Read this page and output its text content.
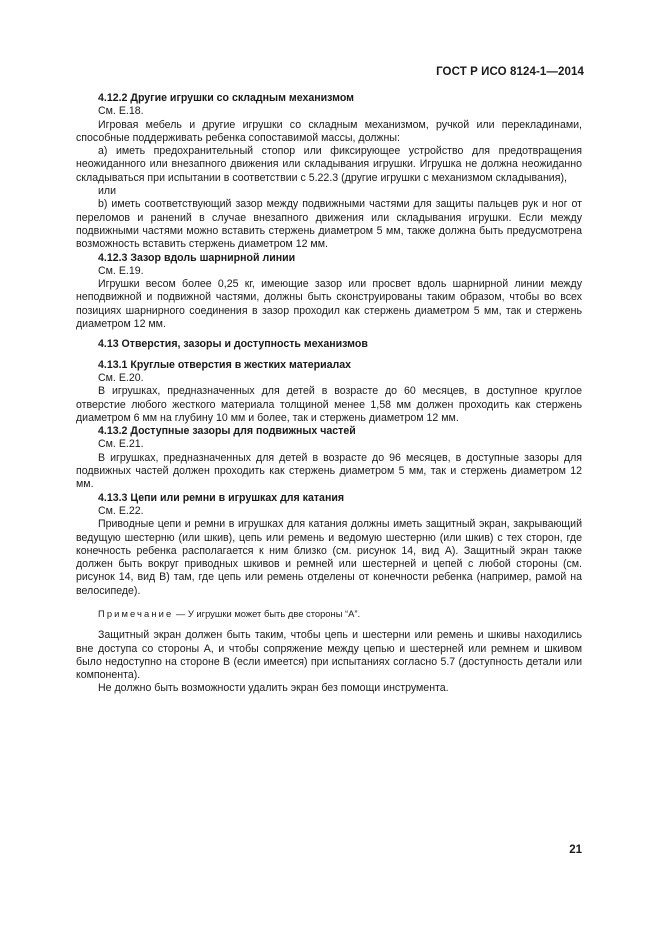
ГОСТ Р ИСО 8124-1—2014

4.12.2 Другие игрушки со складным механизмом

См. Е.18.

Игровая мебель и другие игрушки со складным механизмом, ручкой или перекладинами, способные поддерживать ребенка сопоставимой массы, должны:

a) иметь предохранительный стопор или фиксирующее устройство для предотвращения неожиданного или внезапного движения или складывания игрушки. Игрушка не должна неожиданно складываться при испытании в соответствии с 5.22.3 (другие игрушки с механизмом складывания),

или

b) иметь соответствующий зазор между подвижными частями для защиты пальцев рук и ног от переломов и ранений в случае внезапного движения или складывания игрушки. Если между подвижными частями можно вставить стержень диаметром 5 мм, также должна быть предусмотрена возможность вставить стержень диаметром 12 мм.

4.12.3 Зазор вдоль шарнирной линии

См. Е.19.

Игрушки весом более 0,25 кг, имеющие зазор или просвет вдоль шарнирной линии между неподвижной и подвижной частями, должны быть сконструированы таким образом, чтобы во всех позициях шарнирного соединения в зазор проходил как стержень диаметром 5 мм, так и стержень диаметром 12 мм.

4.13 Отверстия, зазоры и доступность механизмов

4.13.1 Круглые отверстия в жестких материалах

См. Е.20.

В игрушках, предназначенных для детей в возрасте до 60 месяцев, в доступное круглое отверстие любого жесткого материала толщиной менее 1,58 мм должен проходить как стержень диаметром 6 мм на глубину 10 мм и более, так и стержень диаметром 12 мм.

4.13.2 Доступные зазоры для подвижных частей

См. Е.21.

В игрушках, предназначенных для детей в возрасте до 96 месяцев, в доступные зазоры для подвижных частей должен проходить как стержень диаметром 5 мм, так и стержень диаметром 12 мм.

4.13.3 Цепи или ремни в игрушках для катания

См. Е.22.

Приводные цепи и ремни в игрушках для катания должны иметь защитный экран, закрывающий ведущую шестерню (или шкив), цепь или ремень и ведомую шестерню (или шкив) с тех сторон, где конечность ребенка располагается к ним близко (см. рисунок 14, вид А). Защитный экран также должен быть вокруг приводных шкивов и ремней или шестерней и цепей с любой стороны (см. рисунок 14, вид В) там, где цепь или ремень отделены от конечности ребенка (например, рамой на велосипеде).

Примечание — У игрушки может быть две стороны “А”.

Защитный экран должен быть таким, чтобы цепь и шестерни или ремень и шкивы находились вне доступа со стороны А, и чтобы сопряжение между цепью и шестерней или ремнем и шкивом было недоступно на стороне В (если имеется) при испытаниях согласно 5.7 (доступность детали или компонента).

Не должно быть возможности удалить экран без помощи инструмента.

21
